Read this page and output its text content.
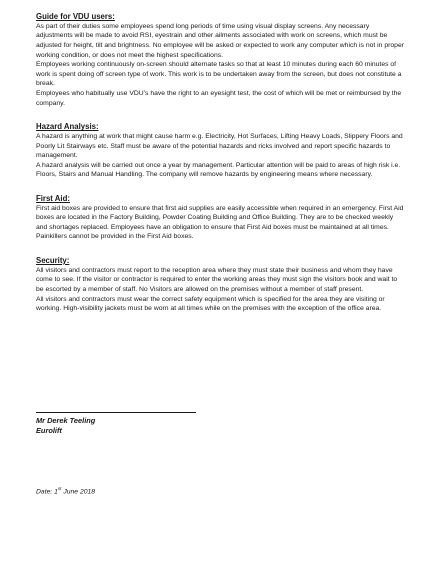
Guide for VDU users:

As part of their duties some employees spend long periods of time using visual display screens. Any necessary adjustments will be made to avoid RSI, eyestrain and other ailments associated with work on screens, which must be adjusted for height, tilt and brightness. No employee will be asked or expected to work any computer which is not in proper working condition, or does not meet the highest specifications.

Employees working continuously on-screen should alternate tasks so that at least 10 minutes during each 60 minutes of work is spent doing off screen type of work. This work is to be undertaken away from the screen, but does not constitute a break.

Employees who habitually use VDU’s have the right to an eyesight test, the cost of which will be met or reimbursed by the company.

Hazard Analysis:

A hazard is anything at work that might cause harm e.g. Electricity, Hot Surfaces, Lifting Heavy Loads, Slippery Floors and Poorly Lit Stairways etc. Staff must be aware of the potential hazards and ricks involved and report specific hazards to management.

A hazard analysis will be carried out once a year by management. Particular attention will be paid to areas of high risk i.e. Floors, Stairs and Manual Handling. The company will remove hazards by engineering means where necessary.

First Aid:

First aid boxes are provided to ensure that first aid supplies are easily accessible when required in an emergency. First Aid boxes are located in the Factory Building, Powder Coating Building and Office Building. They are to be checked weekly and shortages replaced. Employees have an obligation to ensure that First Aid boxes must be maintained at all times. Painkillers cannot be provided in the First Aid boxes.

Security:

All visitors and contractors must report to the reception area where they must state their business and whom they have come to see. If the visitor or contractor is required to enter the working areas they must sign the visitors book and wait to be escorted by a member of staff. No Visitors are allowed on the premises without a member of staff present.

All visitors and contractors must wear the correct safety equipment which is specified for the area they are visiting or working. High-visibility jackets must be worn at all times while on the premises with the exception of the office area.

Mr Derek Teeling

Eurolift

Date: 1st June 2018
